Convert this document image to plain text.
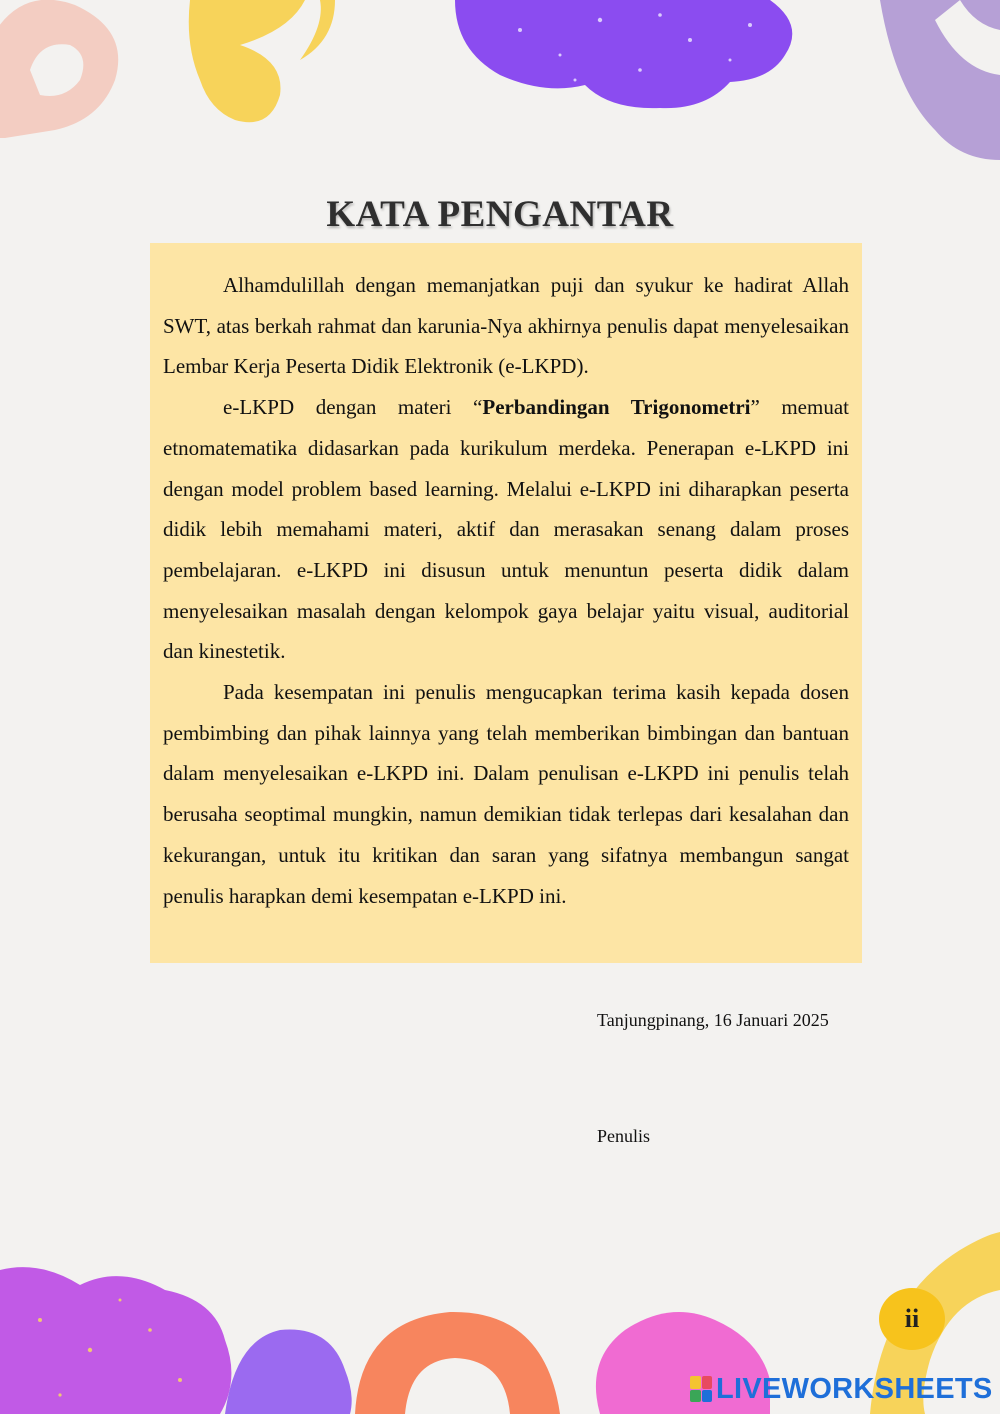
KATA PENGANTAR

Alhamdulillah dengan memanjatkan puji dan syukur ke hadirat Allah SWT, atas berkah rahmat dan karunia-Nya akhirnya penulis dapat menyelesaikan Lembar Kerja Peserta Didik Elektronik (e-LKPD).

e-LKPD dengan materi “Perbandingan Trigonometri” memuat etnomatematika didasarkan pada kurikulum merdeka. Penerapan e-LKPD ini dengan model problem based learning. Melalui e-LKPD ini diharapkan peserta didik lebih memahami materi, aktif dan merasakan senang dalam proses pembelajaran. e-LKPD ini disusun untuk menuntun peserta didik dalam menyelesaikan masalah dengan kelompok gaya belajar yaitu visual, auditorial dan kinestetik.

Pada kesempatan ini penulis mengucapkan terima kasih kepada dosen pembimbing dan pihak lainnya yang telah memberikan bimbingan dan bantuan dalam menyelesaikan e-LKPD ini. Dalam penulisan e-LKPD ini penulis telah berusaha seoptimal mungkin, namun demikian tidak terlepas dari kesalahan dan kekurangan, untuk itu kritikan dan saran yang sifatnya membangun sangat penulis harapkan demi kesempatan e-LKPD ini.

Tanjungpinang, 16 Januari 2025
Penulis
ii
LIVEWORKSHEETS
